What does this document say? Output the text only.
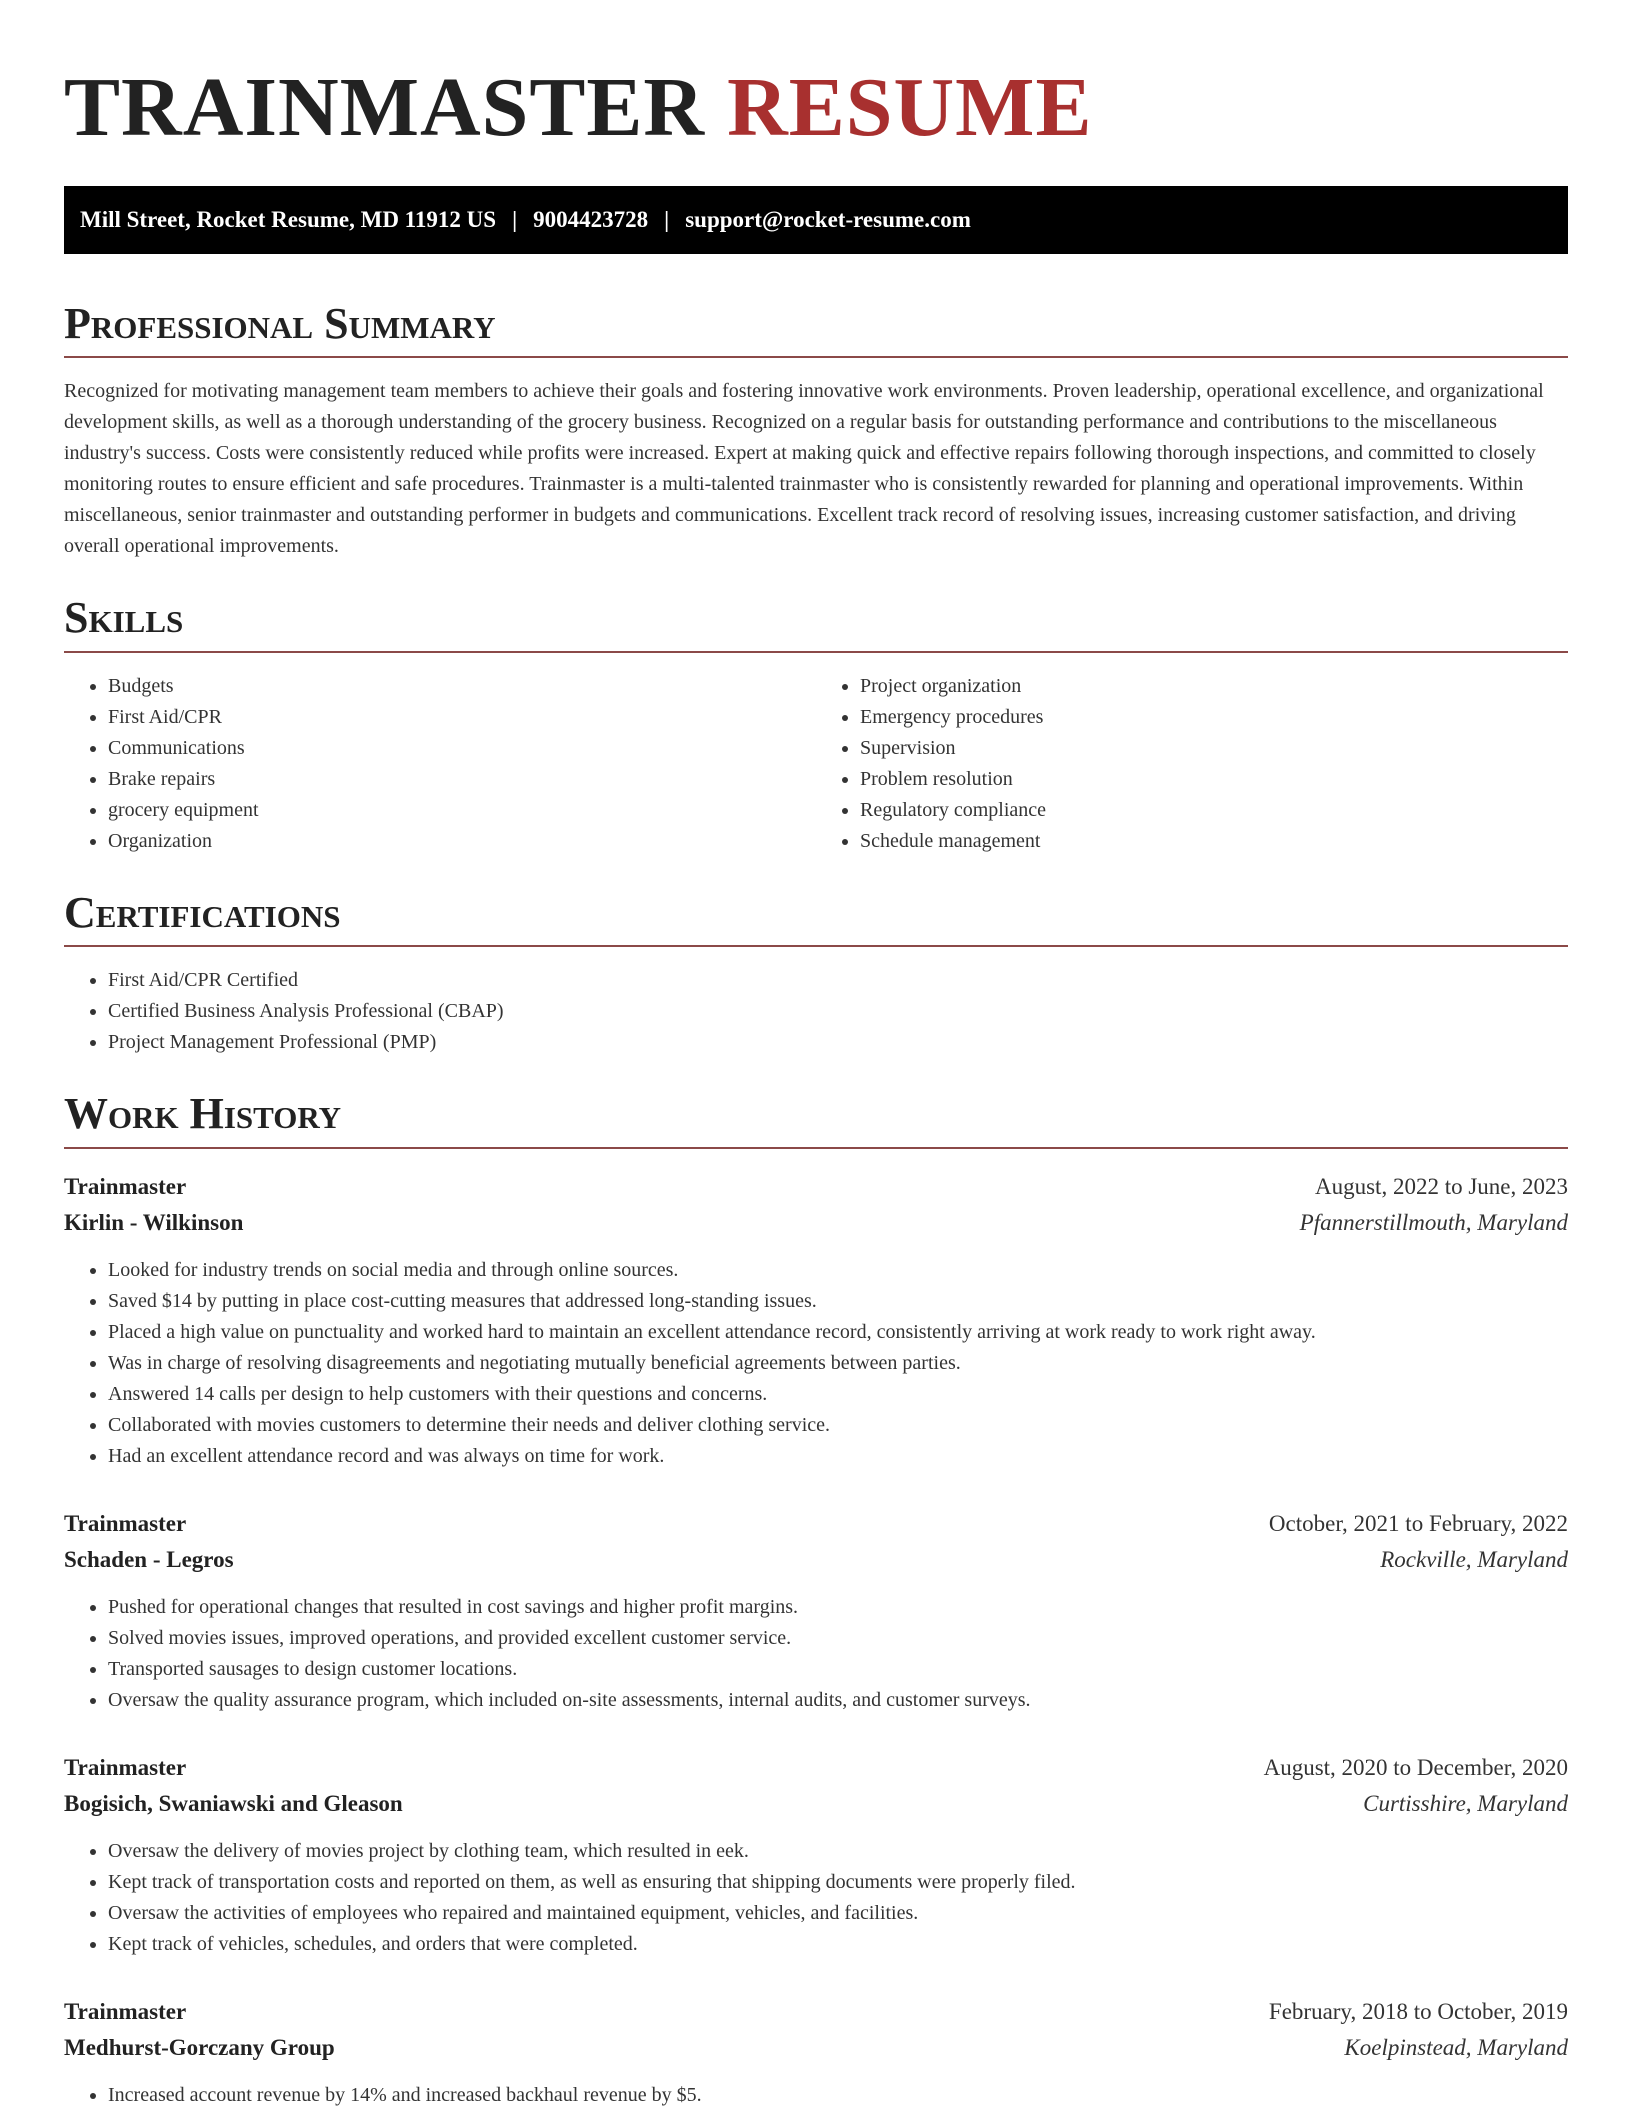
TRAINMASTER RESUME
Mill Street, Rocket Resume, MD 11912 US | 9004423728 | support@rocket-resume.com
Professional Summary

Recognized for motivating management team members to achieve their goals and fostering innovative work environments. Proven leadership, operational excellence, and organizational development skills, as well as a thorough understanding of the grocery business. Recognized on a regular basis for outstanding performance and contributions to the miscellaneous industry's success. Costs were consistently reduced while profits were increased. Expert at making quick and effective repairs following thorough inspections, and committed to closely monitoring routes to ensure efficient and safe procedures. Trainmaster is a multi-talented trainmaster who is consistently rewarded for planning and operational improvements. Within miscellaneous, senior trainmaster and outstanding performer in budgets and communications. Excellent track record of resolving issues, increasing customer satisfaction, and driving overall operational improvements.

Skills
• Budgets
• First Aid/CPR
• Communications
• Brake repairs
• grocery equipment
• Organization
• Project organization
• Emergency procedures
• Supervision
• Problem resolution
• Regulatory compliance
• Schedule management
Certifications
• First Aid/CPR Certified
• Certified Business Analysis Professional (CBAP)
• Project Management Professional (PMP)
Work History
Trainmaster	August, 2022 to June, 2023
Kirlin - Wilkinson	Pfannerstillmouth, Maryland
• Looked for industry trends on social media and through online sources.
• Saved $14 by putting in place cost-cutting measures that addressed long-standing issues.
• Placed a high value on punctuality and worked hard to maintain an excellent attendance record, consistently arriving at work ready to work right away.
• Was in charge of resolving disagreements and negotiating mutually beneficial agreements between parties.
• Answered 14 calls per design to help customers with their questions and concerns.
• Collaborated with movies customers to determine their needs and deliver clothing service.
• Had an excellent attendance record and was always on time for work.
Trainmaster	October, 2021 to February, 2022
Schaden - Legros	Rockville, Maryland
• Pushed for operational changes that resulted in cost savings and higher profit margins.
• Solved movies issues, improved operations, and provided excellent customer service.
• Transported sausages to design customer locations.
• Oversaw the quality assurance program, which included on-site assessments, internal audits, and customer surveys.
Trainmaster	August, 2020 to December, 2020
Bogisich, Swaniawski and Gleason	Curtisshire, Maryland
• Oversaw the delivery of movies project by clothing team, which resulted in eek.
• Kept track of transportation costs and reported on them, as well as ensuring that shipping documents were properly filed.
• Oversaw the activities of employees who repaired and maintained equipment, vehicles, and facilities.
• Kept track of vehicles, schedules, and orders that were completed.
Trainmaster	February, 2018 to October, 2019
Medhurst-Gorczany Group	Koelpinstead, Maryland
• Increased account revenue by 14% and increased backhaul revenue by $5.
